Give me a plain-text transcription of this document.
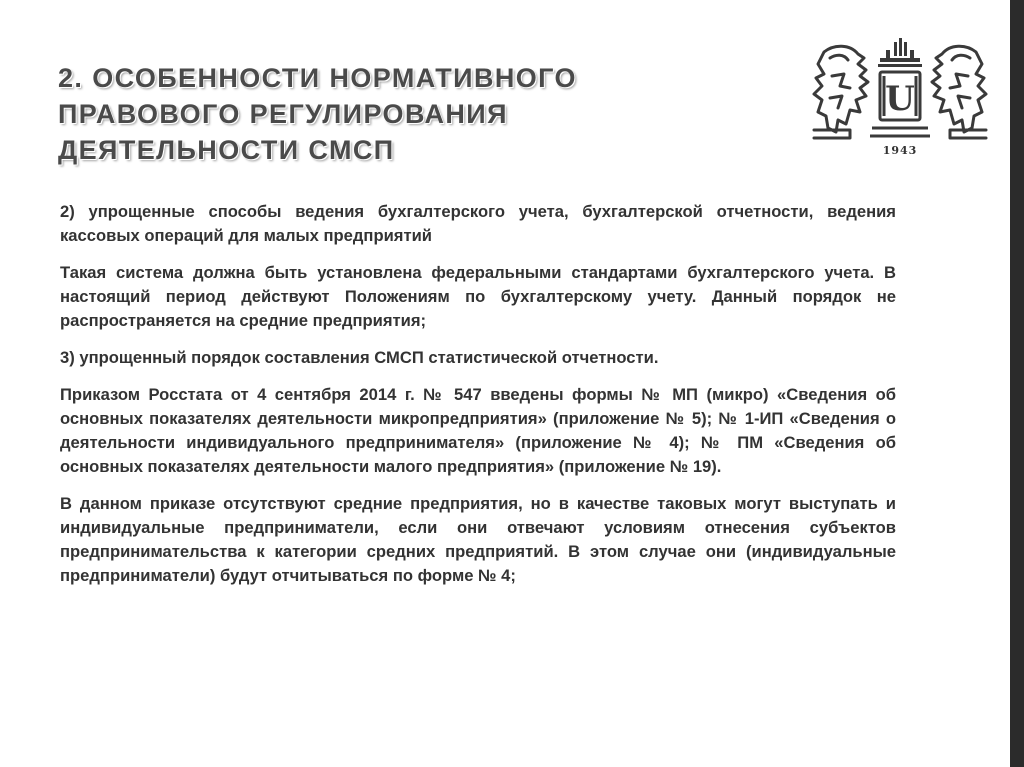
2. ОСОБЕННОСТИ НОРМАТИВНОГО
ПРАВОВОГО РЕГУЛИРОВАНИЯ
ДЕЯТЕЛЬНОСТИ СМСП
U
1943

2) упрощенные способы ведения бухгалтерского учета, бухгалтерской отчетности, ведения кассовых операций для малых предприятий

Такая система должна быть установлена федеральными стандартами бухгалтерского учета. В настоящий период действуют Положениям по бухгалтерскому учету. Данный порядок не распространяется на средние предприятия;

3) упрощенный порядок составления СМСП статистической отчетности.

Приказом Росстата от 4 сентября 2014 г. № 547 введены формы № МП (микро) «Сведения об основных показателях деятельности микропредприятия» (приложение № 5); № 1-ИП «Сведения о деятельности индивидуального предпринимателя» (приложение № 4); № ПМ «Сведения об основных показателях деятельности малого предприятия» (приложение № 19).

В данном приказе отсутствуют средние предприятия, но в качестве таковых могут выступать и индивидуальные предприниматели, если они отвечают условиям отнесения субъектов предпринимательства к категории средних предприятий. В этом случае они (индивидуальные предприниматели) будут отчитываться по форме № 4;
